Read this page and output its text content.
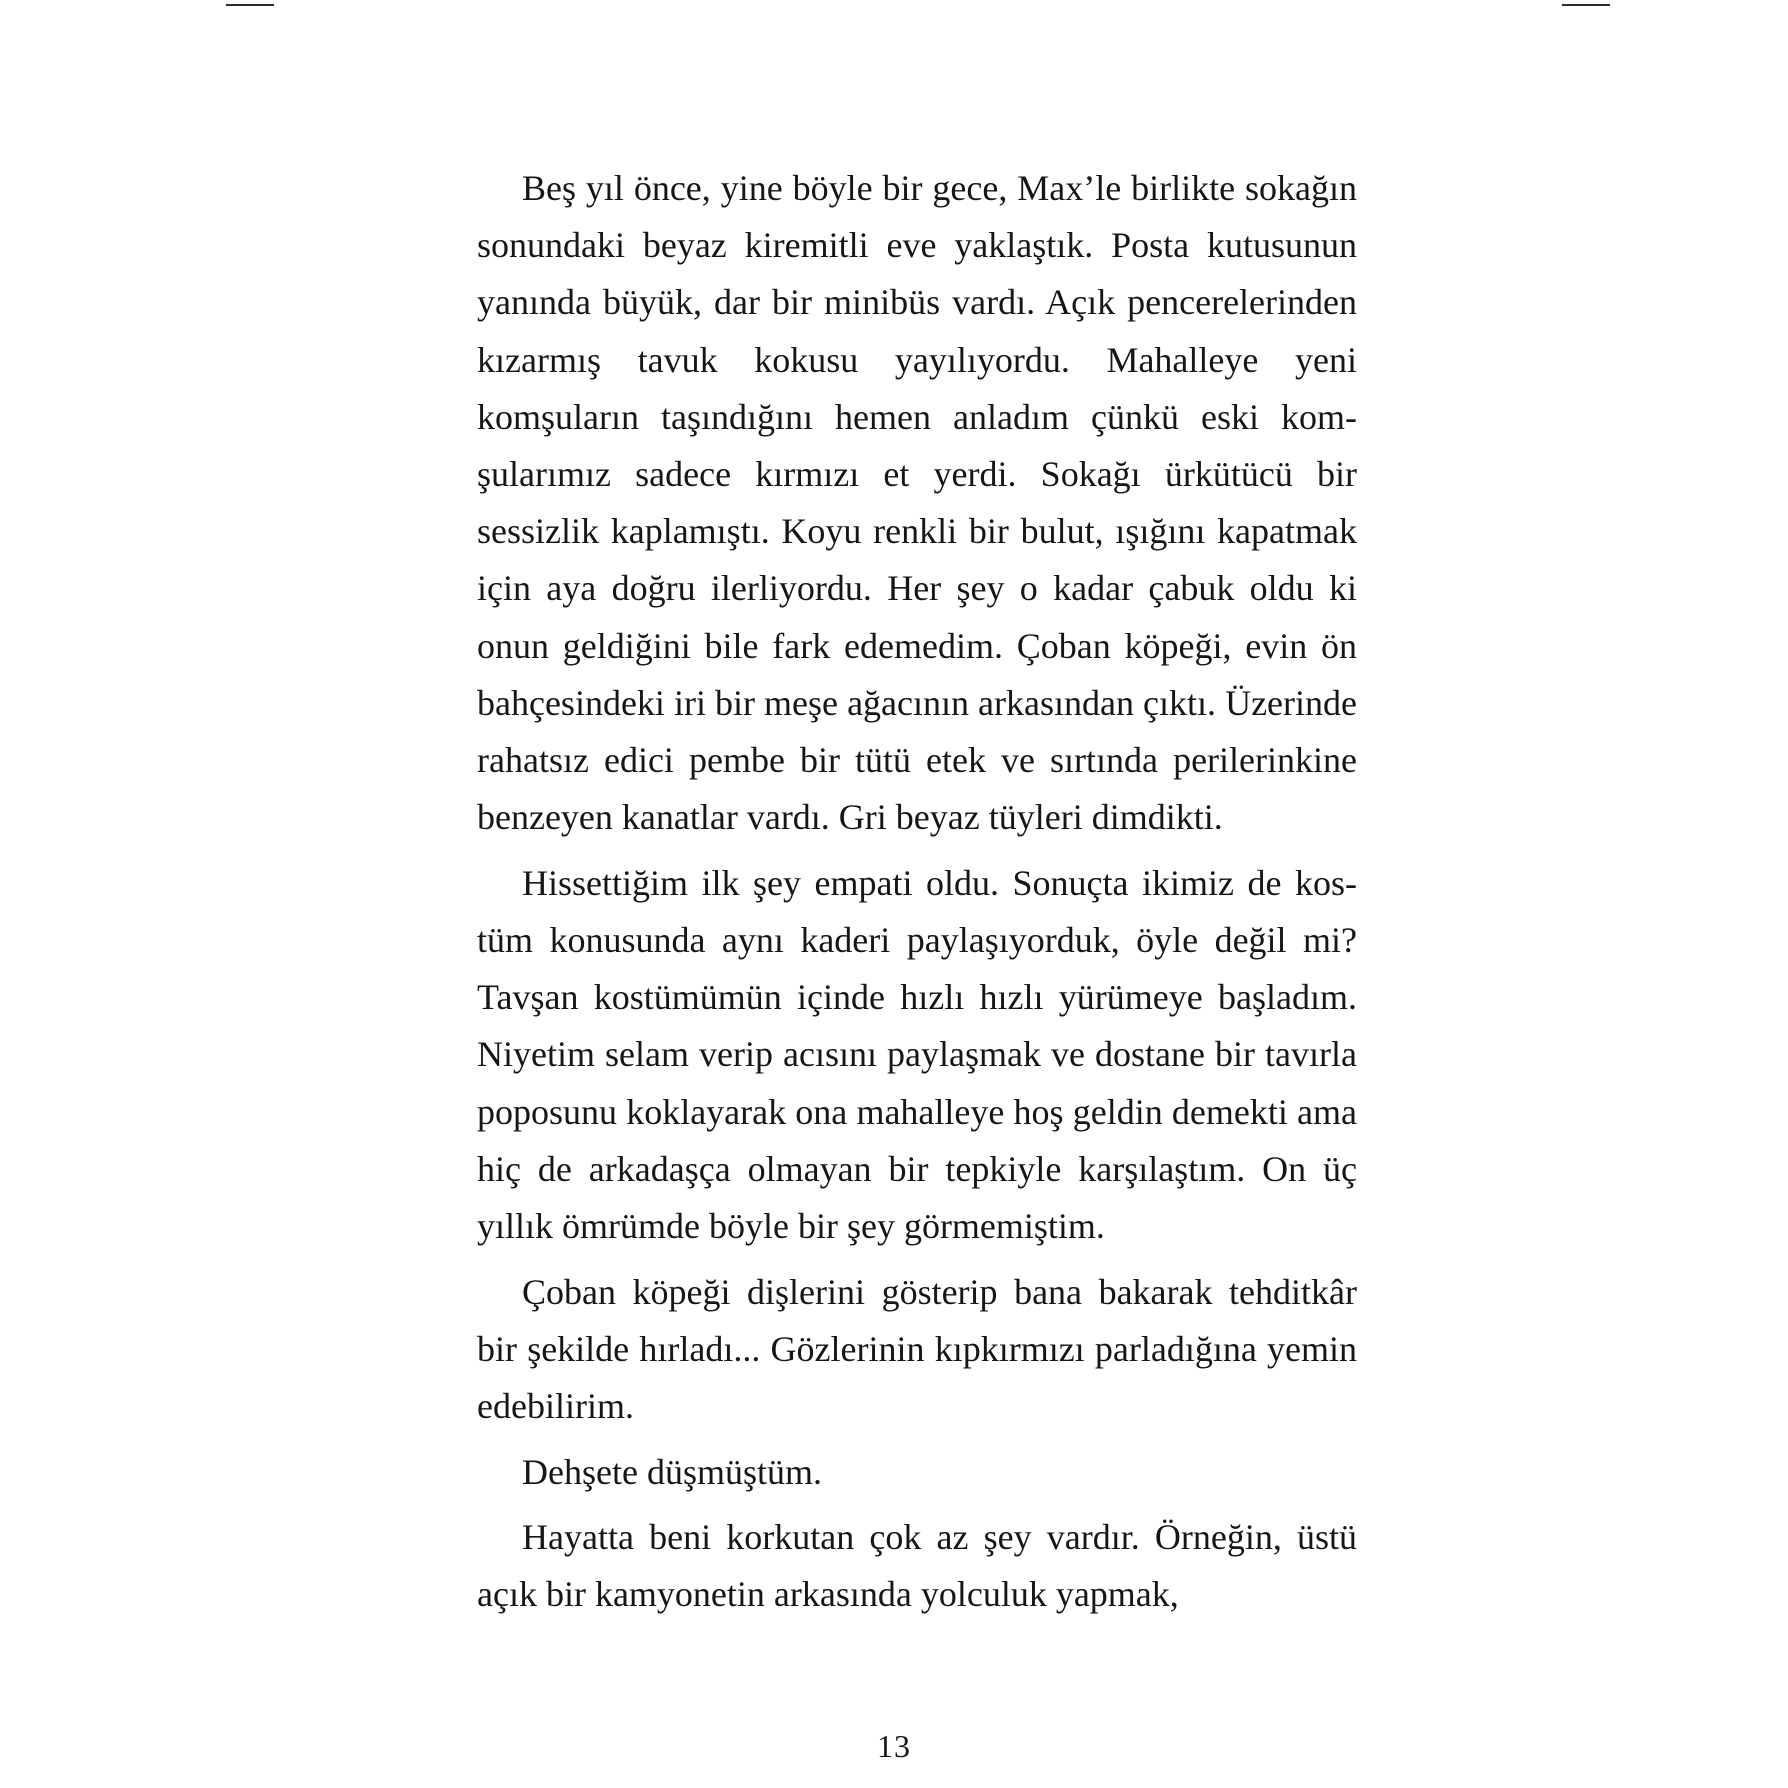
Beş yıl önce, yine böyle bir gece, Max’le birlikte sokağın sonundaki beyaz kiremitli eve yaklaştık. Posta kutusunun yanında büyük, dar bir minibüs vardı. Açık pencerelerinden kızarmış tavuk kokusu yayılıyordu. Mahalleye yeni komşuların taşındığını hemen anladım çünkü eski komşularımız sadece kırmızı et yerdi. Sokağı ürkütücü bir sessizlik kaplamıştı. Koyu renkli bir bulut, ışığını kapatmak için aya doğru ilerliyordu. Her şey o kadar çabuk oldu ki onun geldiğini bile fark edemedim. Çoban köpeği, evin ön bahçesindeki iri bir meşe ağacının arkasından çıktı. Üzerinde rahatsız edici pembe bir tütü etek ve sırtında perilerinkine benzeyen kanatlar vardı. Gri beyaz tüyleri dimdikti.

Hissettiğim ilk şey empati oldu. Sonuçta ikimiz de kostüm konusunda aynı kaderi paylaşıyorduk, öyle değil mi? Tavşan kostümümün içinde hızlı hızlı yürümeye başladım. Niyetim selam verip acısını paylaşmak ve dostane bir tavırla poposunu koklayarak ona mahalleye hoş geldin demekti ama hiç de arkadaşça olmayan bir tepkiyle karşılaştım. On üç yıllık ömrümde böyle bir şey görmemiştim.

Çoban köpeği dişlerini gösterip bana bakarak tehditkâr bir şekilde hırladı... Gözlerinin kıpkırmızı parladığına yemin edebilirim.

Dehşete düşmüştüm.

Hayatta beni korkutan çok az şey vardır. Örneğin, üstü açık bir kamyonetin arkasında yolculuk yapmak,

13
